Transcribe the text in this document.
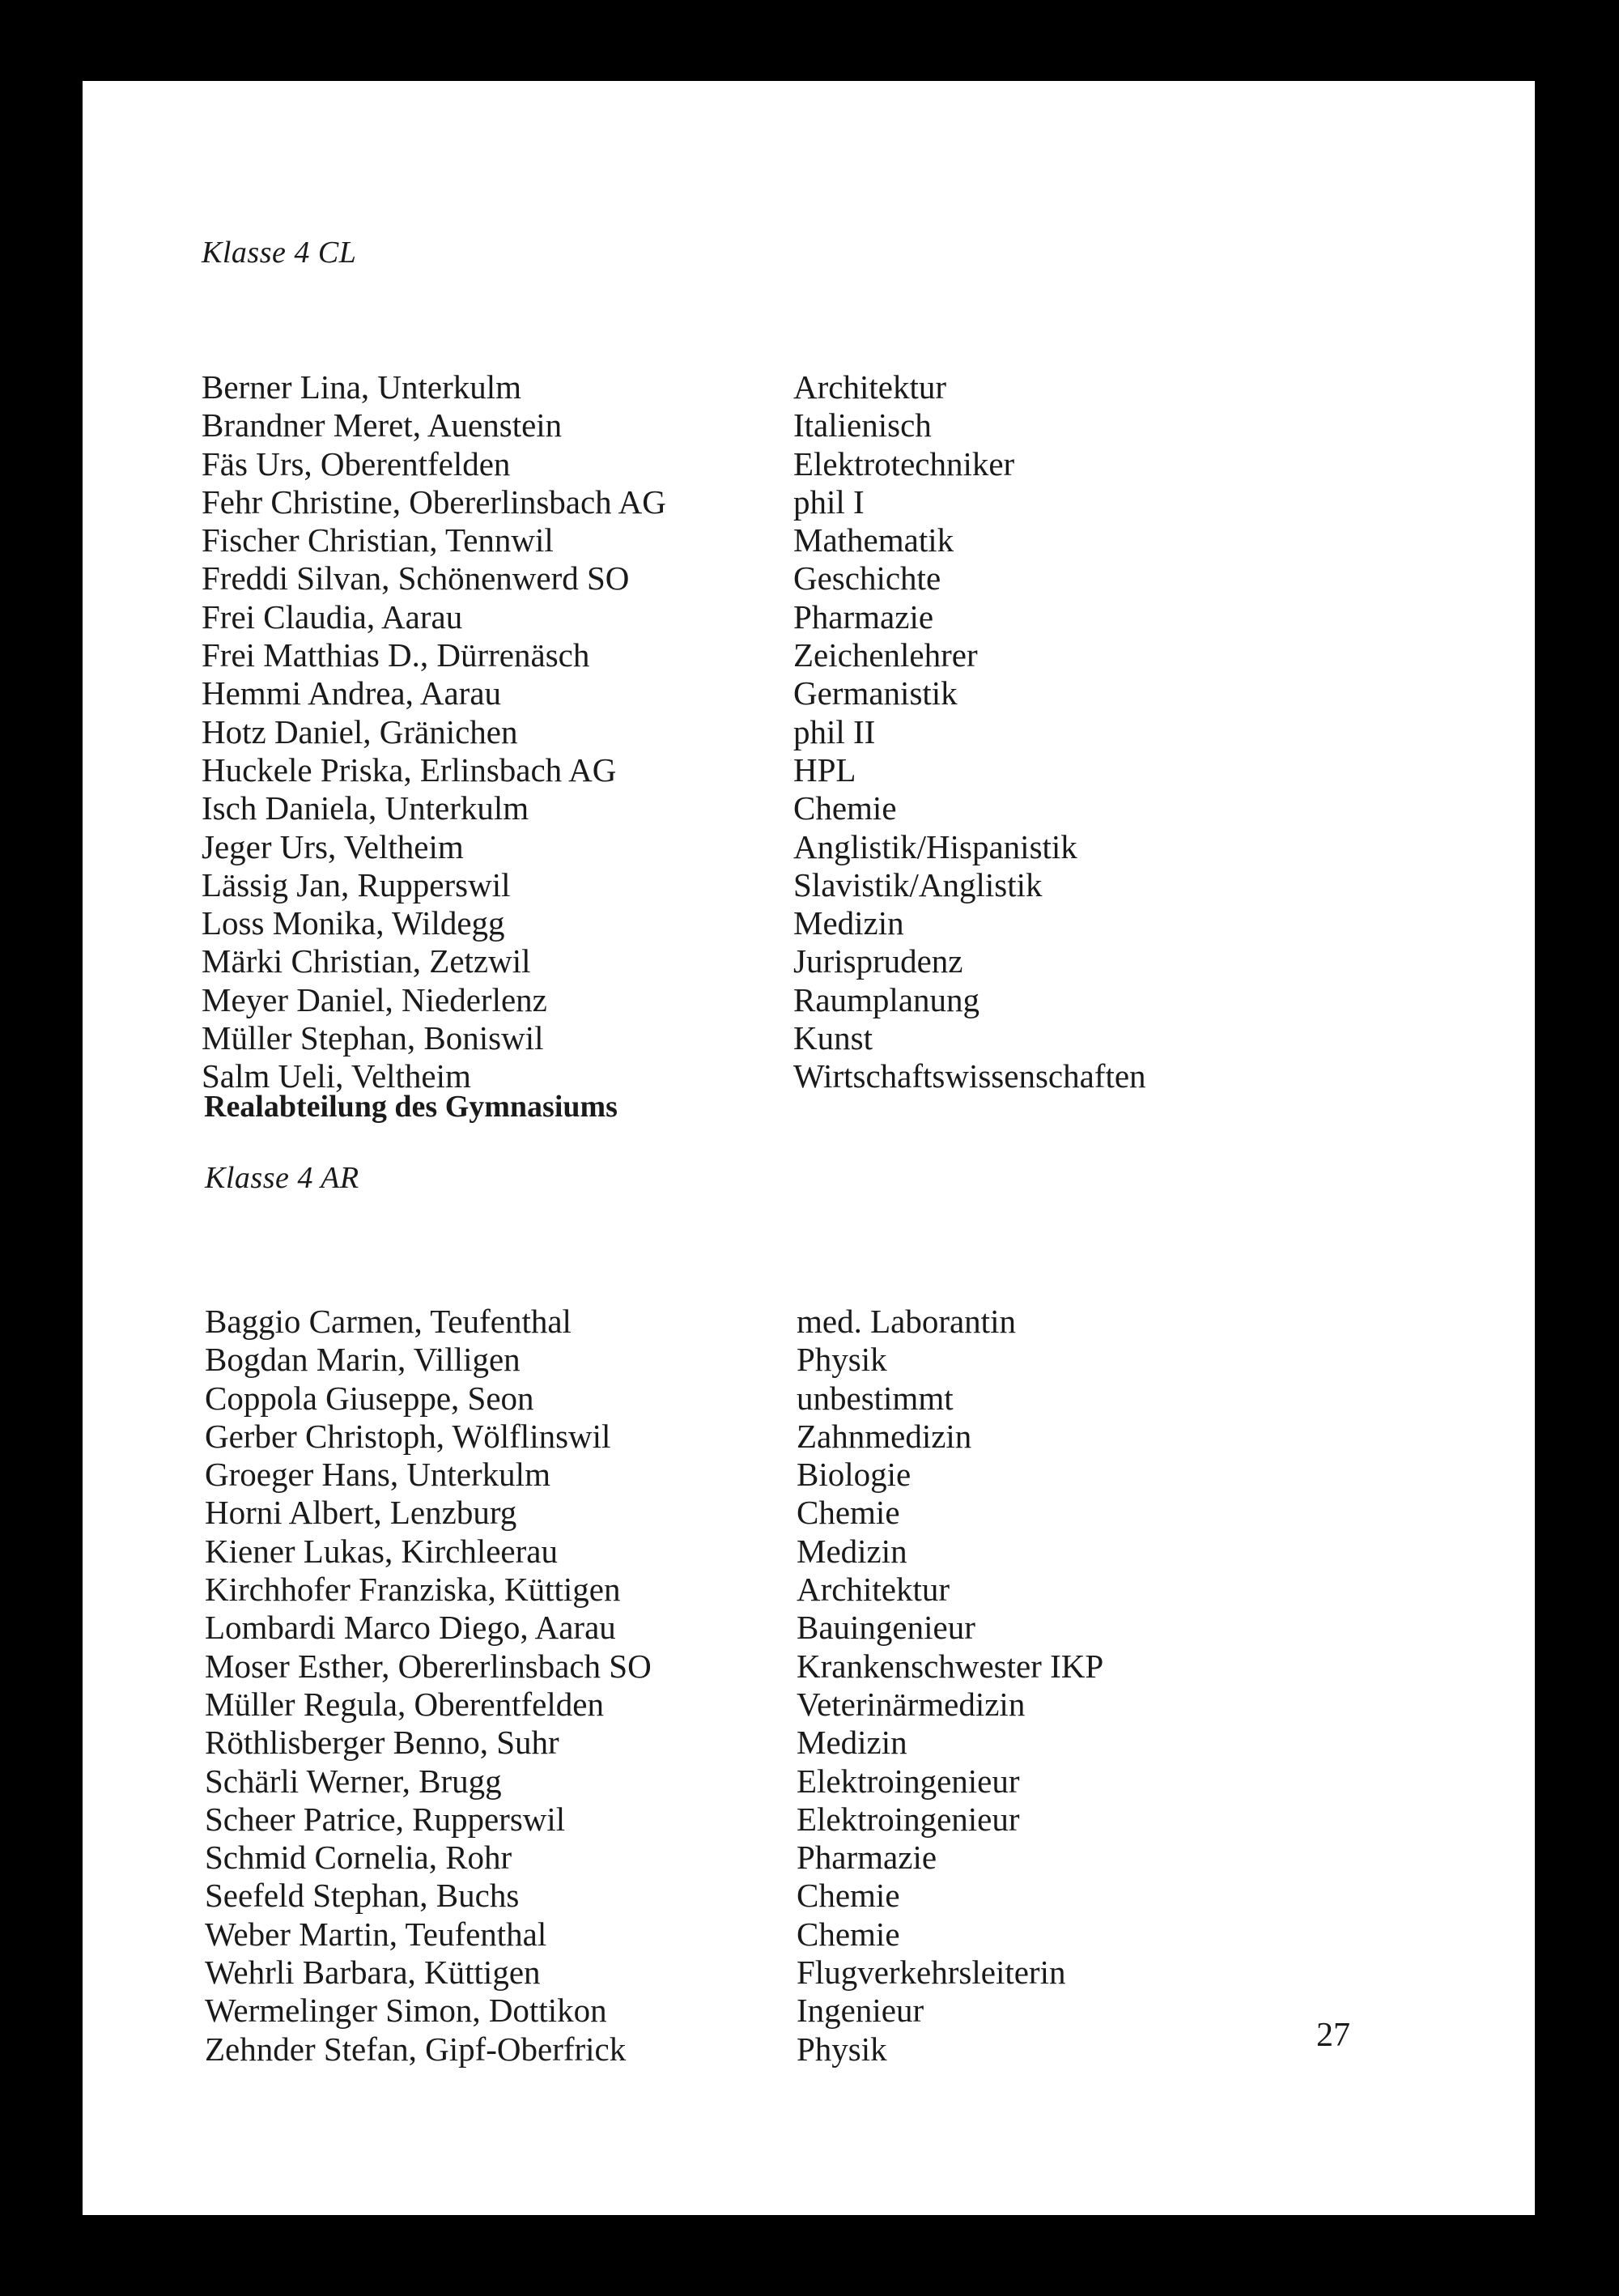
Klasse 4 CL
Berner Lina, Unterkulm	Architektur
Brandner Meret, Auenstein	Italienisch
Fäs Urs, Oberentfelden	Elektrotechniker
Fehr Christine, Obererlinsbach AG	phil I
Fischer Christian, Tennwil	Mathematik
Freddi Silvan, Schönenwerd SO	Geschichte
Frei Claudia, Aarau	Pharmazie
Frei Matthias D., Dürrenäsch	Zeichenlehrer
Hemmi Andrea, Aarau	Germanistik
Hotz Daniel, Gränichen	phil II
Huckele Priska, Erlinsbach AG	HPL
Isch Daniela, Unterkulm	Chemie
Jeger Urs, Veltheim	Anglistik/Hispanistik
Lässig Jan, Rupperswil	Slavistik/Anglistik
Loss Monika, Wildegg	Medizin
Märki Christian, Zetzwil	Jurisprudenz
Meyer Daniel, Niederlenz	Raumplanung
Müller Stephan, Boniswil	Kunst
Salm Ueli, Veltheim	Wirtschaftswissenschaften
Realabteilung des Gymnasiums
Klasse 4 AR
Baggio Carmen, Teufenthal	med. Laborantin
Bogdan Marin, Villigen	Physik
Coppola Giuseppe, Seon	unbestimmt
Gerber Christoph, Wölflinswil	Zahnmedizin
Groeger Hans, Unterkulm	Biologie
Horni Albert, Lenzburg	Chemie
Kiener Lukas, Kirchleerau	Medizin
Kirchhofer Franziska, Küttigen	Architektur
Lombardi Marco Diego, Aarau	Bauingenieur
Moser Esther, Obererlinsbach SO	Krankenschwester IKP
Müller Regula, Oberentfelden	Veterinärmedizin
Röthlisberger Benno, Suhr	Medizin
Schärli Werner, Brugg	Elektroingenieur
Scheer Patrice, Rupperswil	Elektroingenieur
Schmid Cornelia, Rohr	Pharmazie
Seefeld Stephan, Buchs	Chemie
Weber Martin, Teufenthal	Chemie
Wehrli Barbara, Küttigen	Flugverkehrsleiterin
Wermelinger Simon, Dottikon	Ingenieur
Zehnder Stefan, Gipf-Oberfrick	Physik	27
